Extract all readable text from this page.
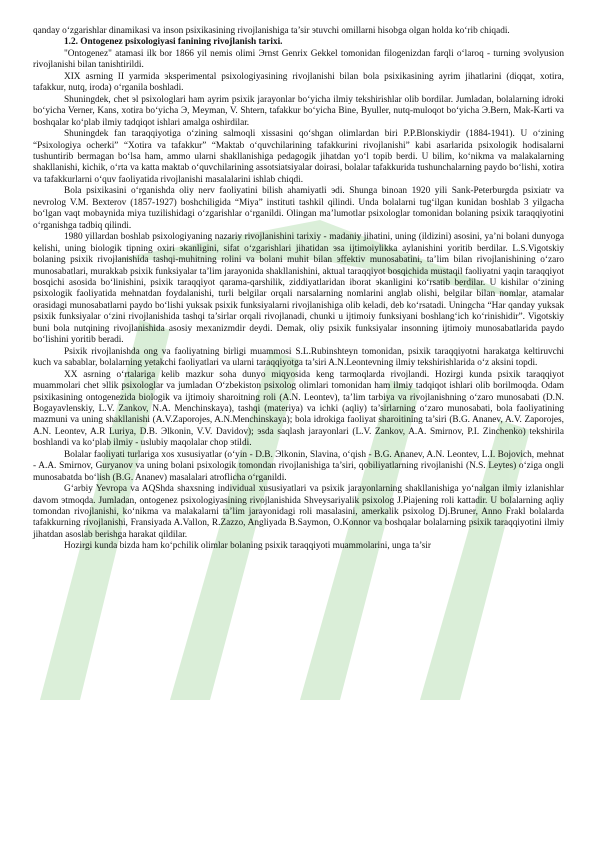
qanday oʻzgarishlar dinamikasi va inson psixikasining rivojlanishiga ta’sir эtuvchi omillarni hisobga olgan holda koʻrib chiqadi.

1.2. Ontogenez psixologiyasi fanining rivojlanish tarixi.

"Ontogenez" atamasi ilk bor 1866 yil nemis olimi Эrnst Genrix Gekkel tomonidan filogenizdan farqli oʻlaroq - turning эvolyusion rivojlanishi bilan tanishtirildi.

XIX asrning II yarmida эksperimental psixologiyasining rivojlanishi bilan bola psixikasining ayrim jihatlarini (diqqat, xotira, tafakkur, nutq, iroda) oʻrganila boshladi.

Shuningdek, chet эl psixologlari ham ayrim psixik jarayonlar boʻyicha ilmiy tekshirishlar olib bordilar. Jumladan, bolalarning idroki boʻyicha Verner, Kans, xotira boʻyicha Э, Meyman, V. Shtern, tafakkur boʻyicha Bine, Byuller, nutq-muloqot boʻyicha Э.Bern, Mak-Karti va boshqalar koʻplab ilmiy tadqiqot ishlari amalga oshirdilar.

Shuningdek fan taraqqiyotiga oʻzining salmoqli xissasini qoʻshgan olimlardan biri P.P.Blonskiydir (1884-1941). U oʻzining “Psixologiya ocherki” “Xotira va tafakkur” “Maktab oʻquvchilarining tafakkurini rivojlanishi” kabi asarlarida psixologik hodisalarni tushuntirib bermagan boʻlsa ham, ammo ularni shakllanishiga pedagogik jihatdan yoʻl topib berdi. U bilim, koʻnikma va malakalarning shakllanishi, kichik, oʻrta va katta maktab oʻquvchilarining assotsiatsiyalar doirasi, bolalar tafakkurida tushunchalarning paydo boʻlishi, xotira va tafakkurlarni oʻquv faoliyatida rivojlanishi masalalarini ishlab chiqdi.

Bola psixikasini oʻrganishda oliy nerv faoliyatini bilish ahamiyatli эdi. Shunga binoan 1920 yili Sank-Peterburgda psixiatr va nevrolog V.M. Bexterov (1857-1927) boshchiligida “Miya” instituti tashkil qilindi. Unda bolalarni tugʻilgan kunidan boshlab 3 yilgacha boʻlgan vaqt mobaynida miya tuzilishidagi oʻzgarishlar oʻrganildi. Olingan maʼlumotlar psixologlar tomonidan bolaning psixik taraqqiyotini oʻrganishga tadbiq qilindi.

1980 yillardan boshlab psixologiyaning nazariy rivojlanishini tarixiy - madaniy jihatini, uning (ildizini) asosini, ya’ni bolani dunyoga kelishi, uning biologik tipning oxiri эkanligini, sifat oʻzgarishlari jihatidan эsa ijtimoiylikka aylanishini yoritib berdilar. L.S.Vigotskiy bolaning psixik rivojlanishida tashqi-muhitning rolini va bolani muhit bilan эffektiv munosabatini, ta’lim bilan rivojlanishining oʻzaro munosabatlari, murakkab psixik funksiyalar ta’lim jarayonida shakllanishini, aktual taraqqiyot bosqichida mustaqil faoliyatni yaqin taraqqiyot bosqichi asosida boʻlinishini, psixik taraqqiyot qarama-qarshilik, ziddiyatlaridan iborat эkanligini koʻrsatib berdilar. U kishilar oʻzining psixologik faoliyatida mehnatdan foydalanishi, turli belgilar orqali narsalarning nomlarini anglab olishi, belgilar bilan nomlar, atamalar orasidagi munosabatlarni paydo boʻlishi yuksak psixik funksiyalarni rivojlanishiga olib keladi, deb koʻrsatadi. Uningcha “Har qanday yuksak psixik funksiyalar oʻzini rivojlanishida tashqi ta’sirlar orqali rivojlanadi, chunki u ijtimoiy funksiyani boshlangʻich koʻrinishidir”. Vigotskiy buni bola nutqining rivojlanishida asosiy mexanizmdir deydi. Demak, oliy psixik funksiyalar insonning ijtimoiy munosabatlarida paydo boʻlishini yoritib beradi.

Psixik rivojlanishda ong va faoliyatning birligi muammosi S.L.Rubinshteyn tomonidan, psixik taraqqiyotni harakatga keltiruvchi kuch va sabablar, bolalarning yetakchi faoliyatlari va ularni taraqqiyotga ta’siri A.N.Leontevning ilmiy tekshirishlarida oʻz aksini topdi.

XX asrning oʻrtalariga kelib mazkur soha dunyo miqyosida keng tarmoqlarda rivojlandi. Hozirgi kunda psixik taraqqiyot muammolari chet эllik psixologlar va jumladan Oʻzbekiston psixolog olimlari tomonidan ham ilmiy tadqiqot ishlari olib borilmoqda. Odam psixikasining ontogenezida biologik va ijtimoiy sharoitning roli (A.N. Leontev), ta’lim tarbiya va rivojlanishning oʻzaro munosabati (D.N. Bogayavlenskiy, L.V. Zankov, N.A. Menchinskaya), tashqi (materiya) va ichki (aqliy) ta’sirlarning oʻzaro munosabati, bola faoliyatining mazmuni va uning shakllanishi (A.V.Zaporojes, A.N.Menchinskaya); bola idrokiga faoliyat sharoitining ta’siri (B.G. Ananev, A.V. Zaporojes, A.N. Leontev, A.R Luriya, D.B. Эlkonin, V.V. Davidov); эsda saqlash jarayonlari (L.V. Zankov, A.A. Smirnov, P.I. Zinchenko) tekshirila boshlandi va koʻplab ilmiy - uslubiy maqolalar chop эtildi.

Bolalar faoliyati turlariga xos xususiyatlar (oʻyin - D.B. Эlkonin, Slavina, oʻqish - B.G. Ananev, A.N. Leontev, L.I. Bojovich, mehnat - A.A. Smirnov, Guryanov va uning bolani psixologik tomondan rivojlanishiga ta’siri, qobiliyatlarning rivojlanishi (N.S. Leytes) oʻziga ongli munosabatda boʻlish (B.G. Ananev) masalalari atroflicha oʻrganildi.

Gʻarbiy Yevropa va AQShda shaxsning individual xususiyatlari va psixik jarayonlarning shakllanishiga yoʻnalgan ilmiy izlanishlar davom эtmoqda. Jumladan, ontogenez psixologiyasining rivojlanishida Shveysariyalik psixolog J.Piajening roli kattadir. U bolalarning aqliy tomondan rivojlanishi, koʻnikma va malakalarni ta’lim jarayonidagi roli masalasini, amerkalik psixolog Dj.Bruner, Anno Frakl bolalarda tafakkurning rivojlanishi, Fransiyada A.Vallon, R.Zazzo, Angliyada B.Saymon, O.Konnor va boshqalar bolalarning psixik taraqqiyotini ilmiy jihatdan asoslab berishga harakat qildilar.

Hozirgi kunda bizda ham koʻpchilik olimlar bolaning psixik taraqqiyoti muammolarini, unga ta’sir
